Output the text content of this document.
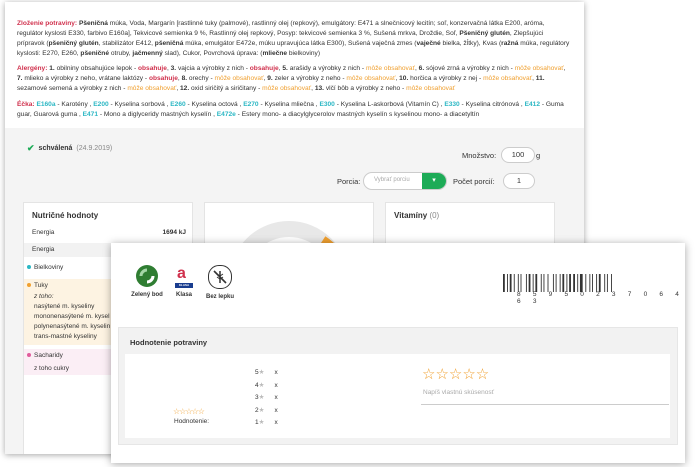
Zloženie potraviny: Pšeničná múka, Voda, Margarín [rastlinné tuky (palmové), rastlinný olej (repkový), emulgátory: E471 a slnečnicový lecitín; soľ, konzervačná látka E200, aróma, regulátor kyslosti E330, farbivo E160a], Tekvicové semienka 9 %, Rastlinný olej repkový, Posyp: tekvicové semienka 3 %, Sušená mrkva, Droždie, Soľ, Pšeničný glutén, Zlepšujúci prípravok (pšeničný glutén, stabilizátor E412, pšeničná múka, emulgátor E472e, múku upravujúca látka E300), Sušená vaječná zmes (vaječné bielka, žĺtky), Kvas (ražná múka, regulátory kyslosti: E270, E260, pšeničné otruby, jačmenný slad), Cukor, Povrchová úprava: (mliečne bielkoviny)

Alergény: 1. obilniny obsahujúce lepok - obsahuje, 3. vajcia a výrobky z nich - obsahuje, 5. arašidy a výrobky z nich - môže obsahovať, 6. sójové zrná a výrobky z nich - môže obsahovať, 7. mlieko a výrobky z neho, vrátane laktózy - obsahuje, 8. orechy - môže obsahovať, 9. zeler a výrobky z neho - môže obsahovať, 10. horčica a výrobky z nej - môže obsahovať, 11. sezamové semená a výrobky z nich - môže obsahovať, 12. oxid siričitý a siričitany - môže obsahovať, 13. vlčí bôb a výrobky z neho - môže obsahovať

Éčka: E160a - Karotény , E200 - Kyselina sorbová , E260 - Kyselina octová , E270 - Kyselina mliečna , E300 - Kyselina L-askorbová (Vitamín C) , E330 - Kyselina citrónová , E412 - Guma guar, Guarová guma , E471 - Mono a diglyceridy mastných kyselín , E472e - Estery mono- a diacylglycerolov mastných kyselín s kyselinou mono- a diacetyltín

✔ schválená (24.9.2019)
Množstvo:	100	g
Porcia: Vybrať porciu	▾	Počet porcií:	1
Nutričné hodnoty
Energia	1694 kJ
Energia
Bielkoviny
Tuky
z toho:
nasýtené m. kyseliny
mononenasýtené m. kysel
polynenasýtené m. kyselin
trans-mastné kyseliny
Sacharidy
z toho cukry
Vitamíny (0)
Zelený bod
a
KLASA
Klasa	Bez lepku	8 5 9 5 0 2 3 7 0 6 4 6 3
Hodnotenie potraviny
☆☆☆☆☆
Hodnotenie:
5★ x
4★ x
3★ x
2★ x
1★ x
☆☆☆☆☆
Napíš vlastnú skúsenosť
